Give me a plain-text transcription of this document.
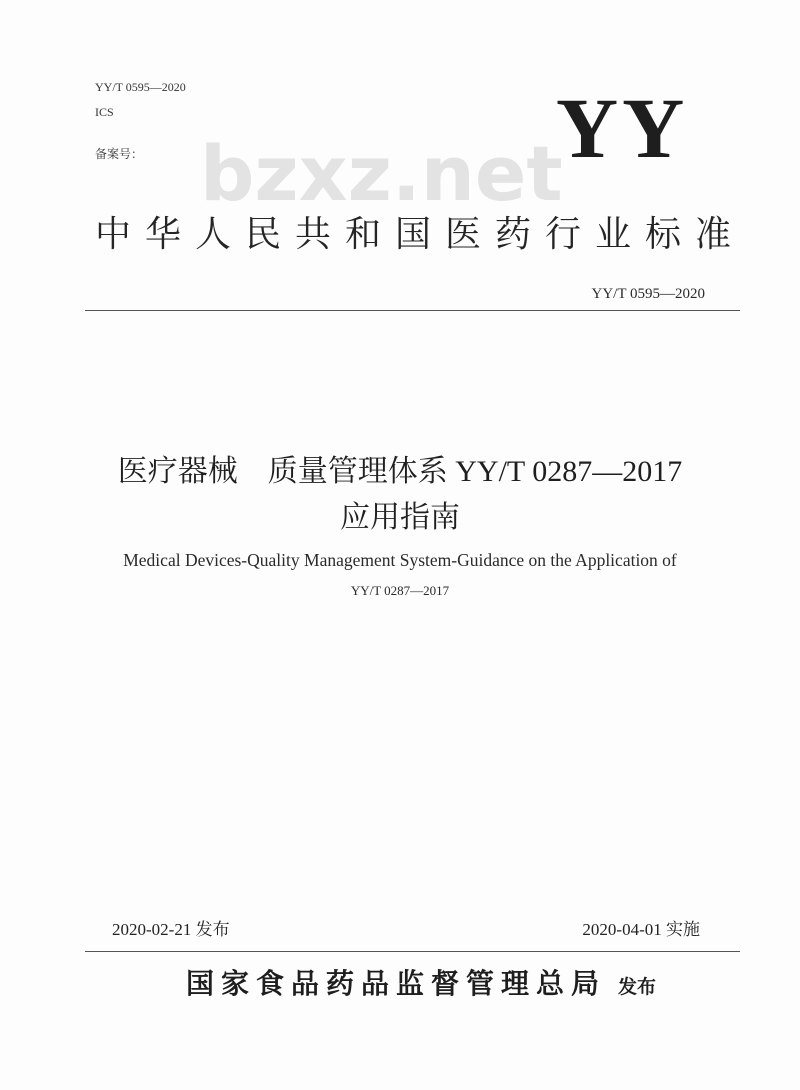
YY/T 0595—2020
ICS
备案号： bzxz.net
YY
中华人民共和国医药行业标准
YY/T 0595—2020
医疗器械　质量管理体系 YY/T 0287—2017
应用指南
Medical Devices-Quality Management System-Guidance on the Application of
YY/T 0287—2017
2020-02-21 发布	2020-04-01 实施
国家食品药品监督管理总局 发布
